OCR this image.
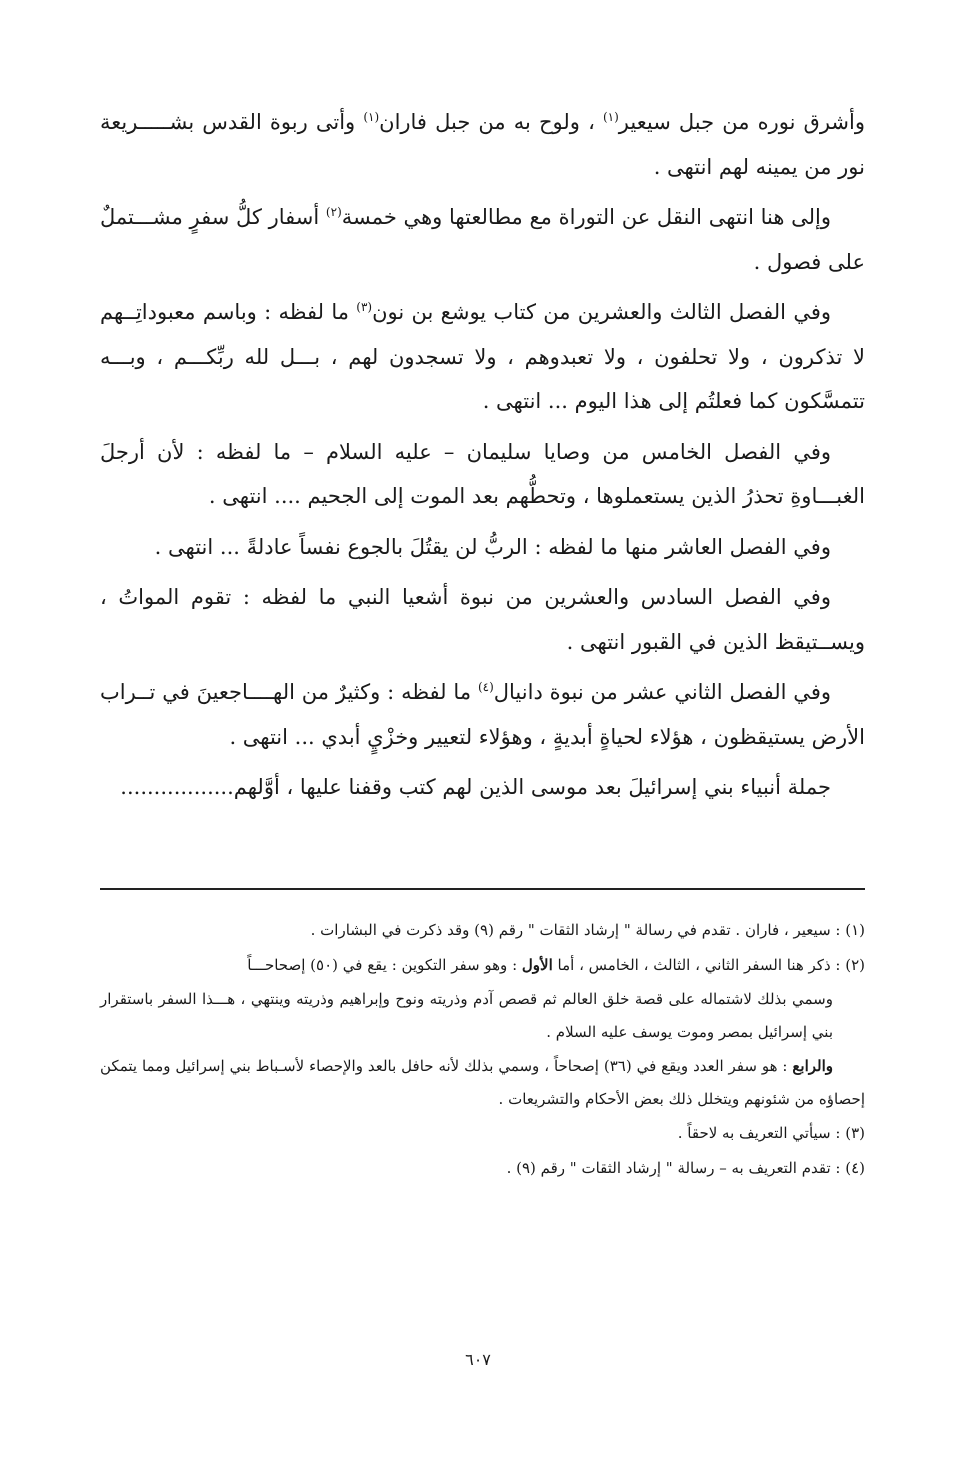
وأشرق نوره من جبل سيعير$^{(١)}$ ، ولوح به من جبل فاران$^{(١)}$ وأتى ربوة القدس بشـــــريعة نور من يمينه لهم انتهى .

وإلى هنا انتهى النقل عن التوراة مع مطالعتها وهي خمسة$^{(٢)}$ أسفار كلُّ سفرٍ مشـــتملٌ على فصول .

وفي الفصل الثالث والعشرين من كتاب يوشع بن نون$^{(٣)}$ ما لفظه : وباسم معبوداتِــهم لا تذكرون ، ولا تحلفون ، ولا تعبدوهم ، ولا تسجدون لهم ، بـــل لله ربِّكـــم ، وبـــه تتمسَّكون كما فعلتُم إلى هذا اليوم ... انتهى .

وفي الفصل الخامس من وصايا سليمان – عليه السلام – ما لفظه : لأن أرجلَ الغبـــاوةِ تحذرُ الذين يستعملوها ، وتحطُّهم بعد الموت إلى الجحيم .... انتهى .

وفي الفصل العاشر منها ما لفظه : الربُّ لن يقتُلَ بالجوع نفساً عادلةً ... انتهى .

وفي الفصل السادس والعشرين من نبوة أشعيا النبي ما لفظه : تقوم المواتُ ، ويســتيقظ الذين في القبور انتهى .

وفي الفصل الثاني عشر من نبوة دانيال$^{(٤)}$ ما لفظه : وكثيرٌ من الهــــاجعينَ في تــراب الأرض يستيقظون ، هؤلاء لحياةٍ أبديةٍ ، وهؤلاء لتعيير وخزْيٍ أبدي ... انتهى .

جملة أنبياء بني إسرائيلَ بعد موسى الذين لهم كتب وقفنا عليها ، أوَّلهم.................

(١) : سيعير ، فاران . تقدم في رسالة " إرشاد الثقات " رقم (٩) وقد ذكرت في البشارات .

(٢) : ذكر هنا السفر الثاني ، الثالث ، الخامس ، أما الأول : وهو سفر التكوين : يقع في (٥٠) إصحاحـــاً

وسمي بذلك لاشتماله على قصة خلق العالم ثم قصص آدم وذريته ونوح وإبراهيم وذريته وينتهي ، هـــذا السفر باستقرار بني إسرائيل بمصر وموت يوسف عليه السلام .

والرابع : هو سفر العدد ويقع في (٣٦) إصحاحاً ، وسمي بذلك لأنه حافل بالعد والإحصاء لأسـباط بني إسرائيل ومما يتمكن إحصاؤه من شئونهم ويتخلل ذلك بعض الأحكام والتشريعات .

(٣) : سيأتي التعريف به لاحقاً .

(٤) : تقدم التعريف به – رسالة " إرشاد الثقات " رقم (٩) .

٦٠٧
